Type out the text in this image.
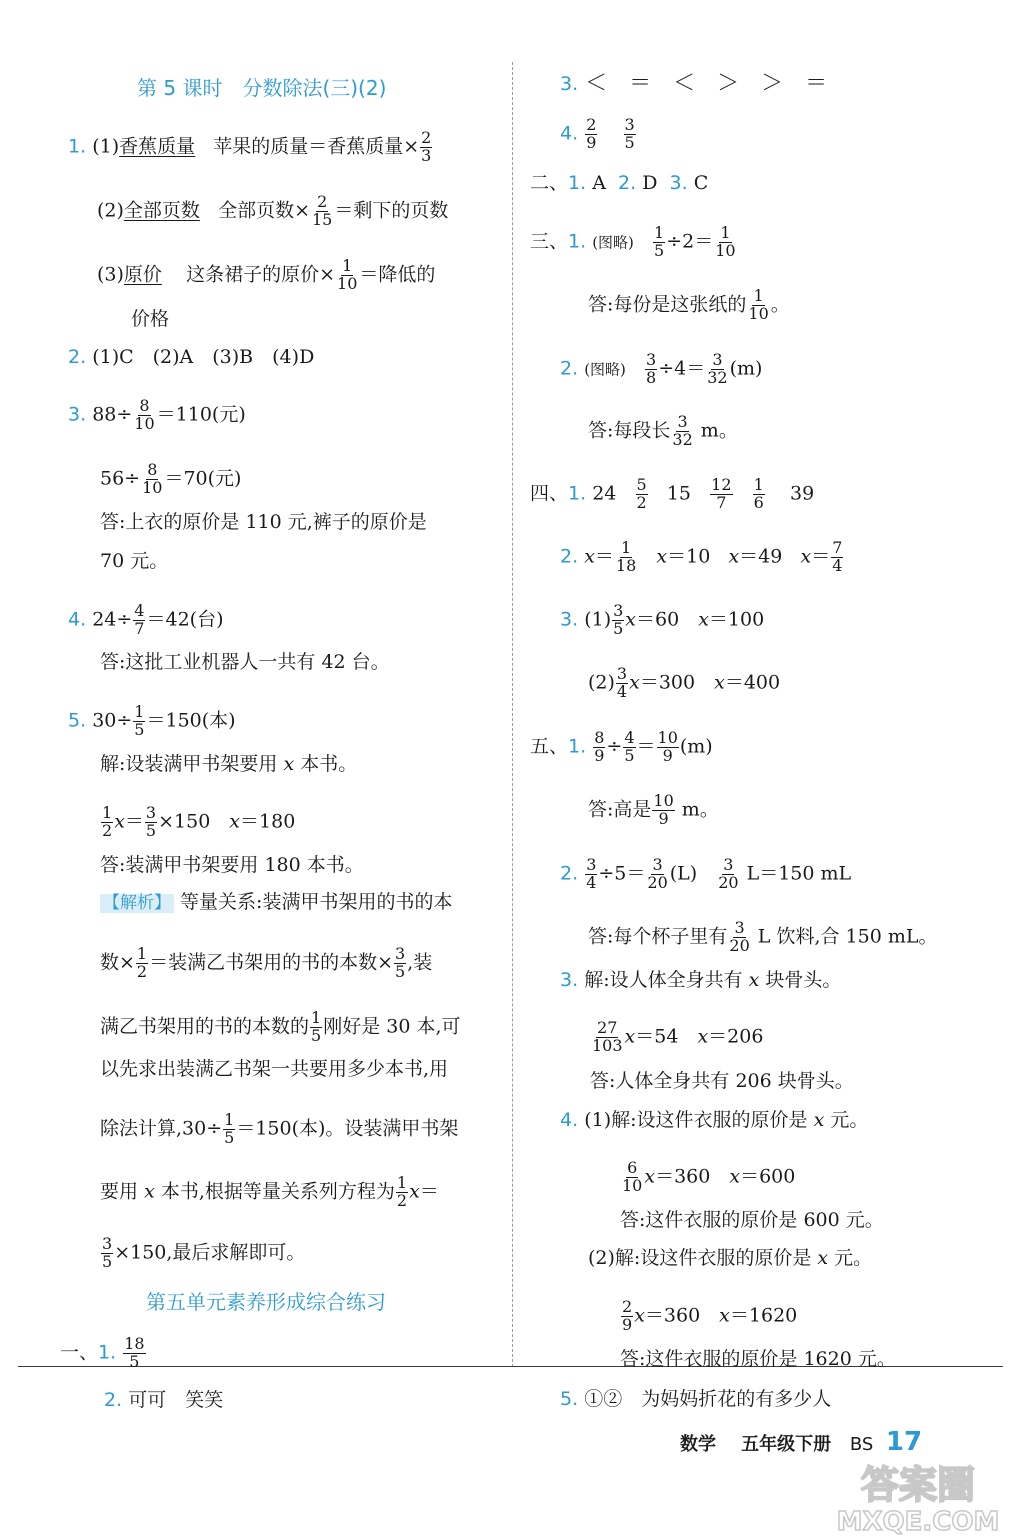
第 5 课时　分数除法(三)(2)
1. (1)香蕉质量 苹果的质量＝香蕉质量× $\frac{2}{3}$
(2)全部页数 全部页数× $\frac{2}{15}$ ＝剩下的页数
(3)原价 这条裙子的原价× $\frac{1}{10}$ ＝降低的
价格
2. (1)C　(2)A　(3)B　(4)D
3. $88\div \frac{8}{10} =110$(元)
$56\div \frac{8}{10} =70$(元)
答:上衣的原价是 110 元,裤子的原价是
70 元。
4. $24\div \frac{4}{7} =42$(台)
答:这批工业机器人一共有 42 台。
5. $30\div \frac{1}{5} =150$(本)
解:设装满甲书架要用 x 本书。
$\frac{1}{2} x= \frac{3}{5} \times 150$　x＝180
答:装满甲书架要用 180 本书。
【解析】 等量关系:装满甲书架用的书的本
数× $\frac{1}{2}$ ＝装满乙书架用的书的本数× $\frac{3}{5}$ ,装
满乙书架用的书的本数的 $\frac{1}{5}$ 刚好是 30 本,可
以先求出装满乙书架一共要用多少本书,用
除法计算$,30\div \frac{1}{5} =150$(本)。设装满甲书架
要用 x 本书,根据等量关系列方程为 $\frac{1}{2} x=$
$\frac{3}{5} \times 150$,最后求解即可。
第五单元素养形成综合练习
一、1. $\frac{18}{5}$
2. 可可　笑笑
3. ＜　＝　＜　＞　＞　＝
4. $\frac{2}{9}$
$\frac{3}{5}$
二、1. A 2. D 3. C
三、1. (图略) $\frac{1}{5} \div 2= \frac{1}{10}$
答:每份是这张纸的 $\frac{1}{10}$ 。
2. (图略) $\frac{3}{8} \div 4= \frac{3}{32} (m)$
答:每段长 $\frac{3}{32}$ m。
四、1. $24 \frac{5}{2} 15 \frac{12}{7}$
$\frac{1}{6} 39$
2. $x= \frac{1}{18} x=10$ x＝49 $x= \frac{7}{4}$
3. $(1) \frac{3}{5} x=60$　x＝100
$(2) \frac{3}{4} x=300$　x＝400
五、1. $\frac{8}{9} \div \frac{4}{5} = \frac{10}{9} (m)$
答:高是 $\frac{10}{9}$ m。
2. $\frac{3}{4} \div 5= \frac{3}{20} (L)$　 $\frac{3}{20} L=150$ mL
答:每个杯子里有 $\frac{3}{20}$ L 饮料,合 150 mL。
3. 解:设人体全身共有 x 块骨头。
$\frac{27}{103} x=54$　x＝206
答:人体全身共有 206 块骨头。
4. (1)解:设这件衣服的原价是 x 元。
$\frac{6}{10} x=360$　x＝600
答:这件衣服的原价是 600 元。
(2)解:设这件衣服的原价是 x 元。
$\frac{2}{9} x=360$　x＝1620
答:这件衣服的原价是 1620 元。
5. ①②　为妈妈折花的有多少人
数学 五年级下册 BS 17
答案圈
MXQE.COM
